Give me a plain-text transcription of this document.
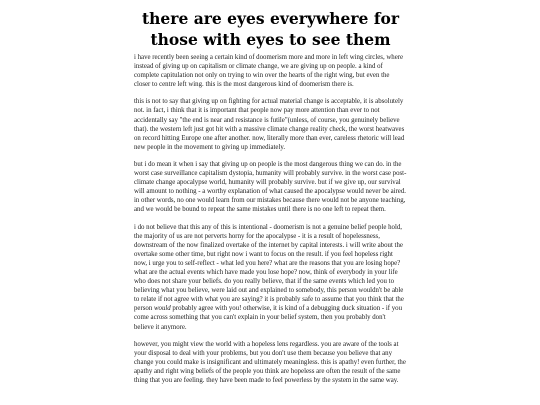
there are eyes everywhere for those with eyes to see them

i have recently been seeing a certain kind of doomerism more and more in left wing circles, where instead of giving up on capitalism or climate change, we are giving up on people. a kind of complete capitulation not only on trying to win over the hearts of the right wing, but even the closer to centre left wing. this is the most dangerous kind of doomerism there is.

this is not to say that giving up on fighting for actual material change is acceptable, it is absolutely not. in fact, i think that it is important that people now pay more attention than ever to not accidentally say "the end is near and resistance is futile"(unless, of course, you genuinely believe that). the western left just got hit with a massive climate change reality check, the worst heatwaves on record hitting Europe one after another. now, literally more than ever, careless rhetoric will lead new people in the movement to giving up immediately.

but i do mean it when i say that giving up on people is the most dangerous thing we can do. in the worst case surveillance capitalism dystopia, humanity will probably survive. in the worst case post-climate change apocalypse world, humanity will probably survive. but if we give up, our survival will amount to nothing - a worthy explanation of what caused the apocalypse would never be aired. in other words, no one would learn from our mistakes because there would not be anyone teaching, and we would be bound to repeat the same mistakes until there is no one left to repeat them.

i do not believe that this any of this is intentional - doomerism is not a genuine belief people hold, the majority of us are not perverts horny for the apocalypse - it is a result of hopelessness, downstream of the now finalized overtake of the internet by capital interests. i will write about the overtake some other time, but right now i want to focus on the result. if you feel hopeless right now, i urge you to self-reflect - what led you here? what are the reasons that you are losing hope? what are the actual events which have made you lose hope? now, think of everybody in your life who does not share your beliefs. do you really believe, that if the same events which led you to believing what you believe, were laid out and explained to somebody, this person wouldn't be able to relate if not agree with what you are saying? it is probably safe to assume that you think that the person would probably agree with you! otherwise, it is kind of a debugging duck situation - if you come across something that you can't explain in your belief system, then you probably don't believe it anymore.

however, you might view the world with a hopeless lens regardless. you are aware of the tools at your disposal to deal with your problems, but you don't use them because you believe that any change you could make is insignificant and ultimately meaningless. this is apathy! even further, the apathy and right wing beliefs of the people you think are hopeless are often the result of the same thing that you are feeling. they have been made to feel powerless by the system in the same way.
